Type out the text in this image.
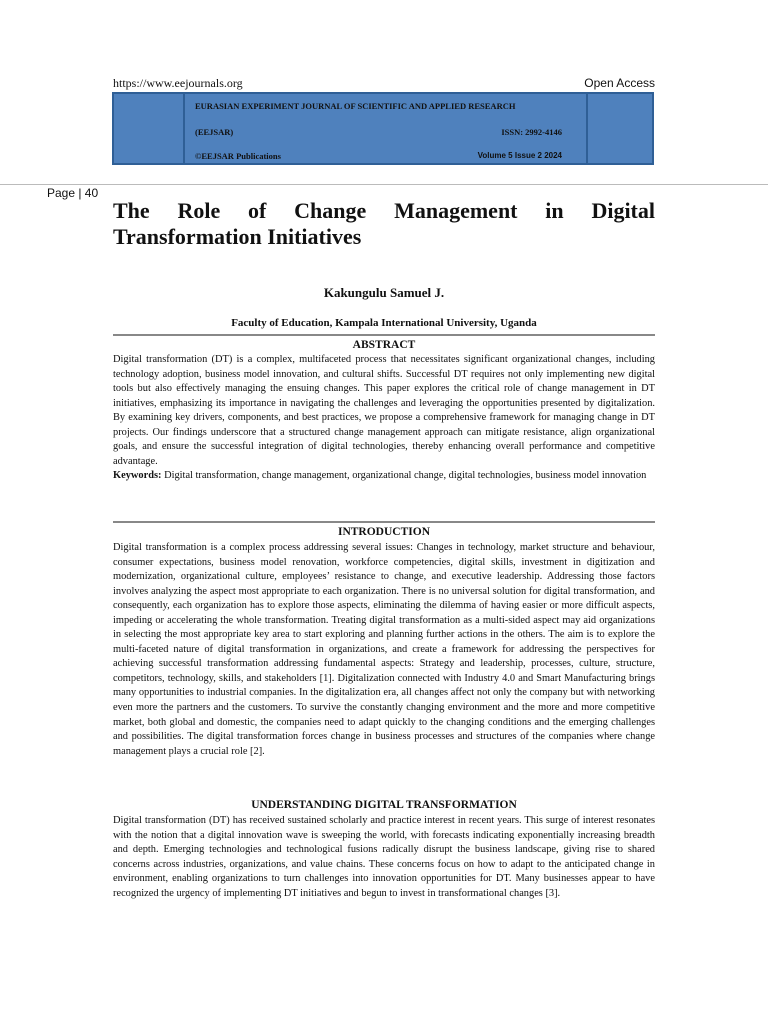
https://www.eejournals.org	Open Access
EURASIAN EXPERIMENT JOURNAL OF SCIENTIFIC AND APPLIED RESEARCH
(EEJSAR)	ISSN: 2992-4146
©EEJSAR Publications	Volume 5 Issue 2 2024
Page | 40
The Role of Change Management in Digital Transformation Initiatives
Kakungulu Samuel J.
Faculty of Education, Kampala International University, Uganda
ABSTRACT

Digital transformation (DT) is a complex, multifaceted process that necessitates significant organizational changes, including technology adoption, business model innovation, and cultural shifts. Successful DT requires not only implementing new digital tools but also effectively managing the ensuing changes. This paper explores the critical role of change management in DT initiatives, emphasizing its importance in navigating the challenges and leveraging the opportunities presented by digitalization. By examining key drivers, components, and best practices, we propose a comprehensive framework for managing change in DT projects. Our findings underscore that a structured change management approach can mitigate resistance, align organizational goals, and ensure the successful integration of digital technologies, thereby enhancing overall performance and competitive advantage.
Keywords: Digital transformation, change management, organizational change, digital technologies, business model innovation

INTRODUCTION

Digital transformation is a complex process addressing several issues: Changes in technology, market structure and behaviour, consumer expectations, business model renovation, workforce competencies, digital skills, investment in digitization and modernization, organizational culture, employees’ resistance to change, and executive leadership. Addressing those factors involves analyzing the aspect most appropriate to each organization. There is no universal solution for digital transformation, and consequently, each organization has to explore those aspects, eliminating the dilemma of having easier or more difficult aspects, impeding or accelerating the whole transformation. Treating digital transformation as a multi-sided aspect may aid organizations in selecting the most appropriate key area to start exploring and planning further actions in the others. The aim is to explore the multi-faceted nature of digital transformation in organizations, and create a framework for addressing the perspectives for achieving successful transformation addressing fundamental aspects: Strategy and leadership, processes, culture, structure, competitors, technology, skills, and stakeholders [1]. Digitalization connected with Industry 4.0 and Smart Manufacturing brings many opportunities to industrial companies. In the digitalization era, all changes affect not only the company but with networking even more the partners and the customers. To survive the constantly changing environment and the more and more competitive market, both global and domestic, the companies need to adapt quickly to the changing conditions and the emerging challenges and possibilities. The digital transformation forces change in business processes and structures of the companies where change management plays a crucial role [2].

UNDERSTANDING DIGITAL TRANSFORMATION

Digital transformation (DT) has received sustained scholarly and practice interest in recent years. This surge of interest resonates with the notion that a digital innovation wave is sweeping the world, with forecasts indicating exponentially increasing breadth and depth. Emerging technologies and technological fusions radically disrupt the business landscape, giving rise to shared concerns across industries, organizations, and value chains. These concerns focus on how to adapt to the anticipated change in environment, enabling organizations to turn challenges into innovation opportunities for DT. Many businesses appear to have recognized the urgency of implementing DT initiatives and begun to invest in transformational changes [3].
